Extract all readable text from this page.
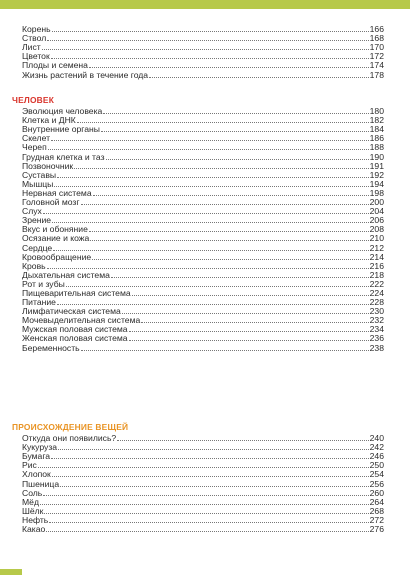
Корень	166
Ствол	168
Лист	170
Цветок	172
Плоды и семена	174
Жизнь растений в течение года	178
ЧЕЛОВЕК
Эволюция человека	180
Клетка и ДНК	182
Внутренние органы	184
Скелет	186
Череп	188
Грудная клетка и таз	190
Позвоночник	191
Суставы	192
Мышцы	194
Нервная система	198
Головной мозг	200
Слух	204
Зрение	206
Вкус и обоняние	208
Осязание и кожа	210
Сердце	212
Кровообращение	214
Кровь	216
Дыхательная система	218
Рот и зубы	222
Пищеварительная система	224
Питание	228
Лимфатическая система	230
Мочевыделительная система	232
Мужская половая система	234
Женская половая система	236
Беременность	238
ПРОИСХОЖДЕНИЕ ВЕЩЕЙ
Откуда они появились?	240
Кукуруза	242
Бумага	246
Рис	250
Хлопок	254
Пшеница	256
Соль	260
Мёд	264
Шёлк	268
Нефть	272
Какао	276
